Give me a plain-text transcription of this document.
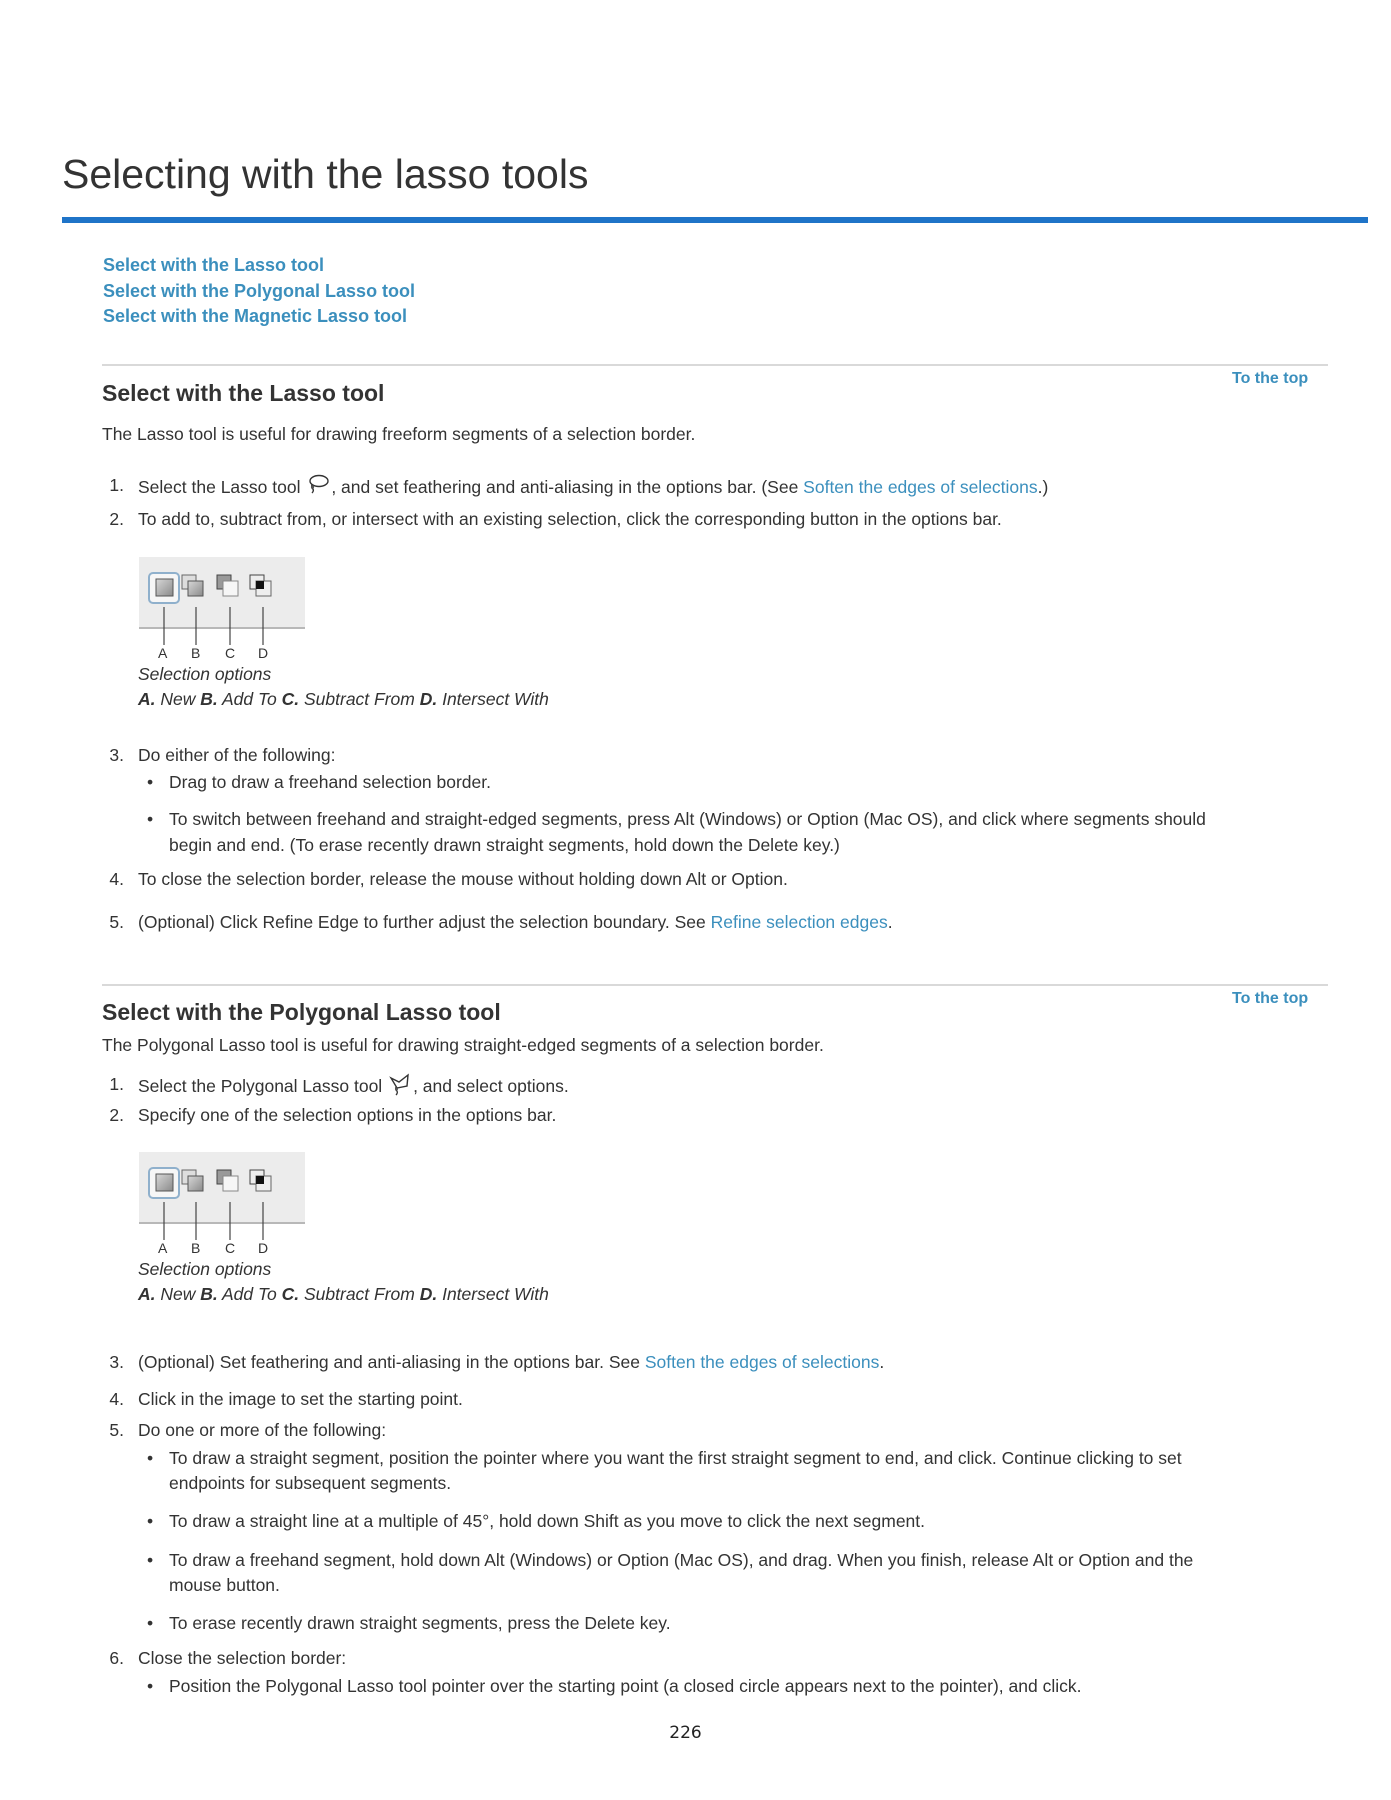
Selecting with the lasso tools
Select with the Lasso tool
Select with the Polygonal Lasso tool
Select with the Magnetic Lasso tool
To the top
Select with the Lasso tool

The Lasso tool is useful for drawing freeform segments of a selection border.

1. Select the Lasso tool , and set feathering and anti-aliasing in the options bar. (See Soften the edges of selections.)
2. To add to, subtract from, or intersect with an existing selection, click the corresponding button in the options bar.
A B C D
Selection options
A. New B. Add To C. Subtract From D. Intersect With
3. Do either of the following:
• Drag to draw a freehand selection border.
• To switch between freehand and straight-edged segments, press Alt (Windows) or Option (Mac OS), and click where segments should
begin and end. (To erase recently drawn straight segments, hold down the Delete key.)
4. To close the selection border, release the mouse without holding down Alt or Option.
5. (Optional) Click Refine Edge to further adjust the selection boundary. See Refine selection edges.
To the top
Select with the Polygonal Lasso tool

The Polygonal Lasso tool is useful for drawing straight-edged segments of a selection border.

1. Select the Polygonal Lasso tool , and select options.
2. Specify one of the selection options in the options bar.
A B C D
Selection options
A. New B. Add To C. Subtract From D. Intersect With
3. (Optional) Set feathering and anti-aliasing in the options bar. See Soften the edges of selections.
4. Click in the image to set the starting point.
5. Do one or more of the following:
• To draw a straight segment, position the pointer where you want the first straight segment to end, and click. Continue clicking to set
endpoints for subsequent segments.
• To draw a straight line at a multiple of 45°, hold down Shift as you move to click the next segment.
• To draw a freehand segment, hold down Alt (Windows) or Option (Mac OS), and drag. When you finish, release Alt or Option and the
mouse button.
• To erase recently drawn straight segments, press the Delete key.
6. Close the selection border:
• Position the Polygonal Lasso tool pointer over the starting point (a closed circle appears next to the pointer), and click.
226
